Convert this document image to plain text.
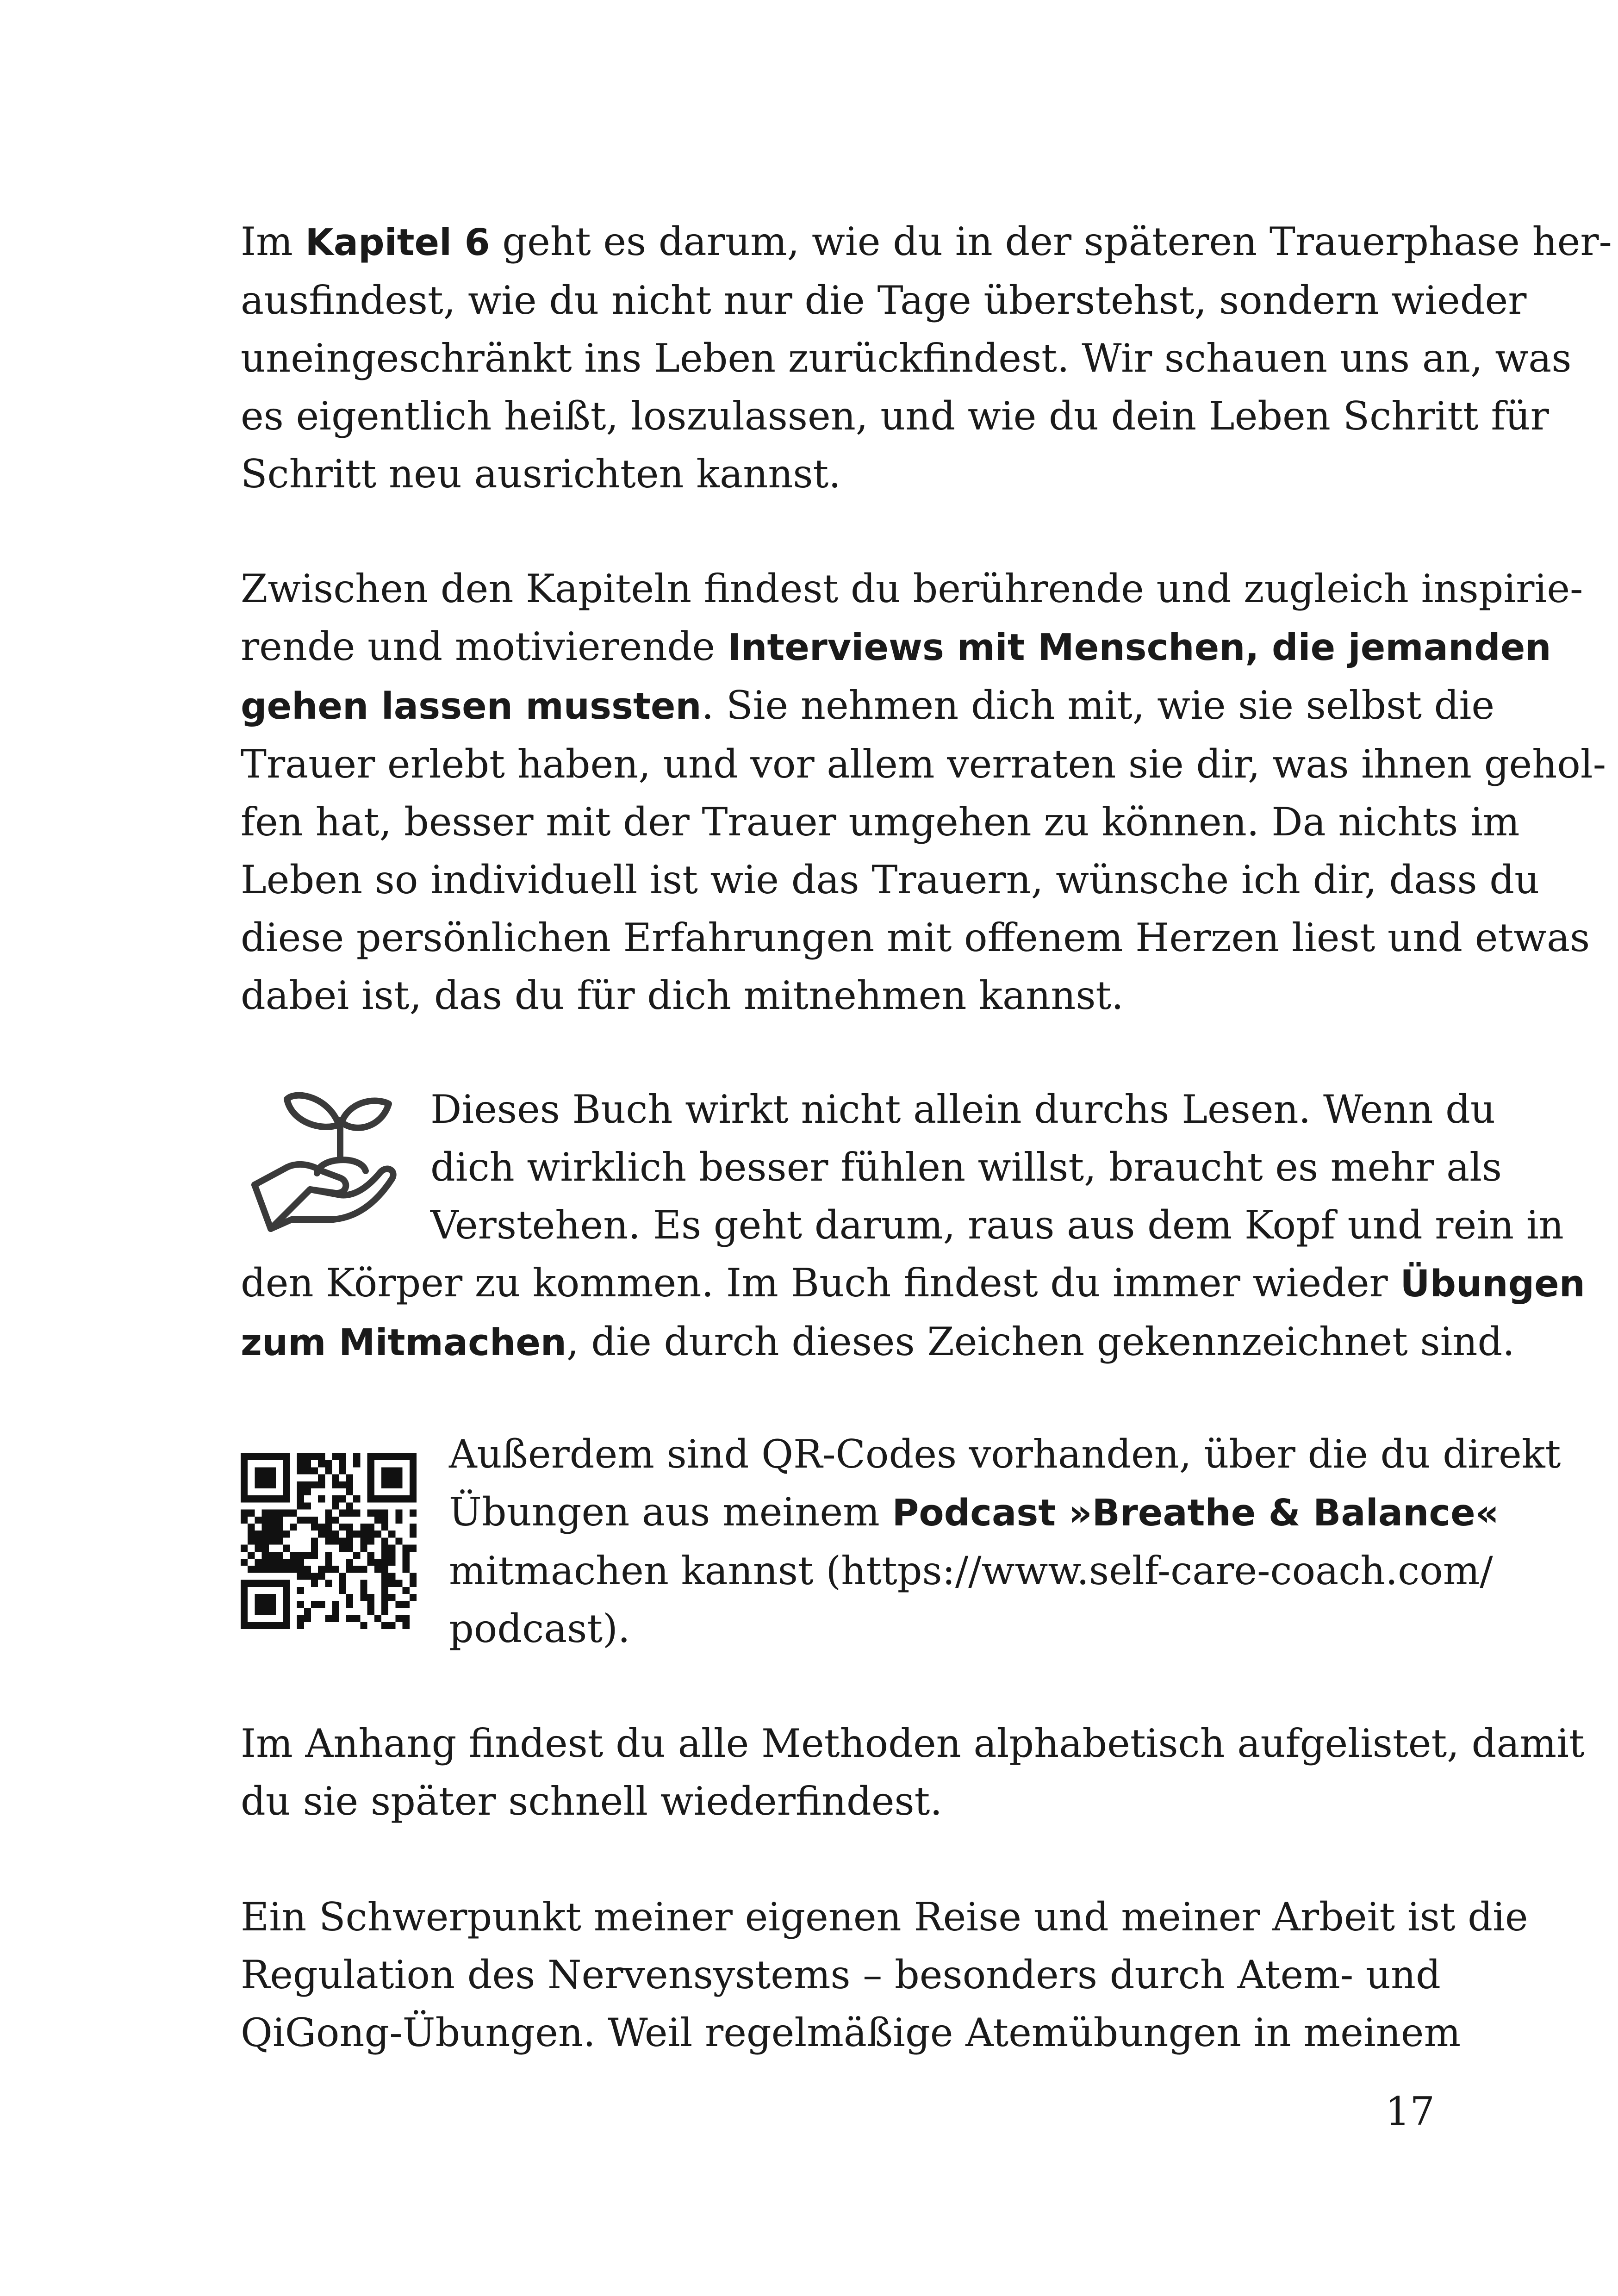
Im Kapitel 6 geht es darum, wie du in der späteren Trauerphase her-
ausfindest, wie du nicht nur die Tage überstehst, sondern wieder
uneingeschränkt ins Leben zurückfindest. Wir schauen uns an, was
es eigentlich heißt, loszulassen, und wie du dein Leben Schritt für
Schritt neu ausrichten kannst.
Zwischen den Kapiteln findest du berührende und zugleich inspirie-
rende und motivierende Interviews mit Menschen, die jemanden
gehen lassen mussten. Sie nehmen dich mit, wie sie selbst die
Trauer erlebt haben, und vor allem verraten sie dir, was ihnen gehol-
fen hat, besser mit der Trauer umgehen zu können. Da nichts im
Leben so individuell ist wie das Trauern, wünsche ich dir, dass du
diese persönlichen Erfahrungen mit offenem Herzen liest und etwas
dabei ist, das du für dich mitnehmen kannst.
Dieses Buch wirkt nicht allein durchs Lesen. Wenn du
dich wirklich besser fühlen willst, braucht es mehr als
Verstehen. Es geht darum, raus aus dem Kopf und rein in
den Körper zu kommen. Im Buch findest du immer wieder Übungen
zum Mitmachen, die durch dieses Zeichen gekennzeichnet sind.
Außerdem sind QR-Codes vorhanden, über die du direkt
Übungen aus meinem Podcast »Breathe & Balance«
mitmachen kannst (https://www.self-care-coach.com/
podcast).
Im Anhang findest du alle Methoden alphabetisch aufgelistet, damit
du sie später schnell wiederfindest.
Ein Schwerpunkt meiner eigenen Reise und meiner Arbeit ist die
Regulation des Nervensystems – besonders durch Atem- und
QiGong-Übungen. Weil regelmäßige Atemübungen in meinem
17
